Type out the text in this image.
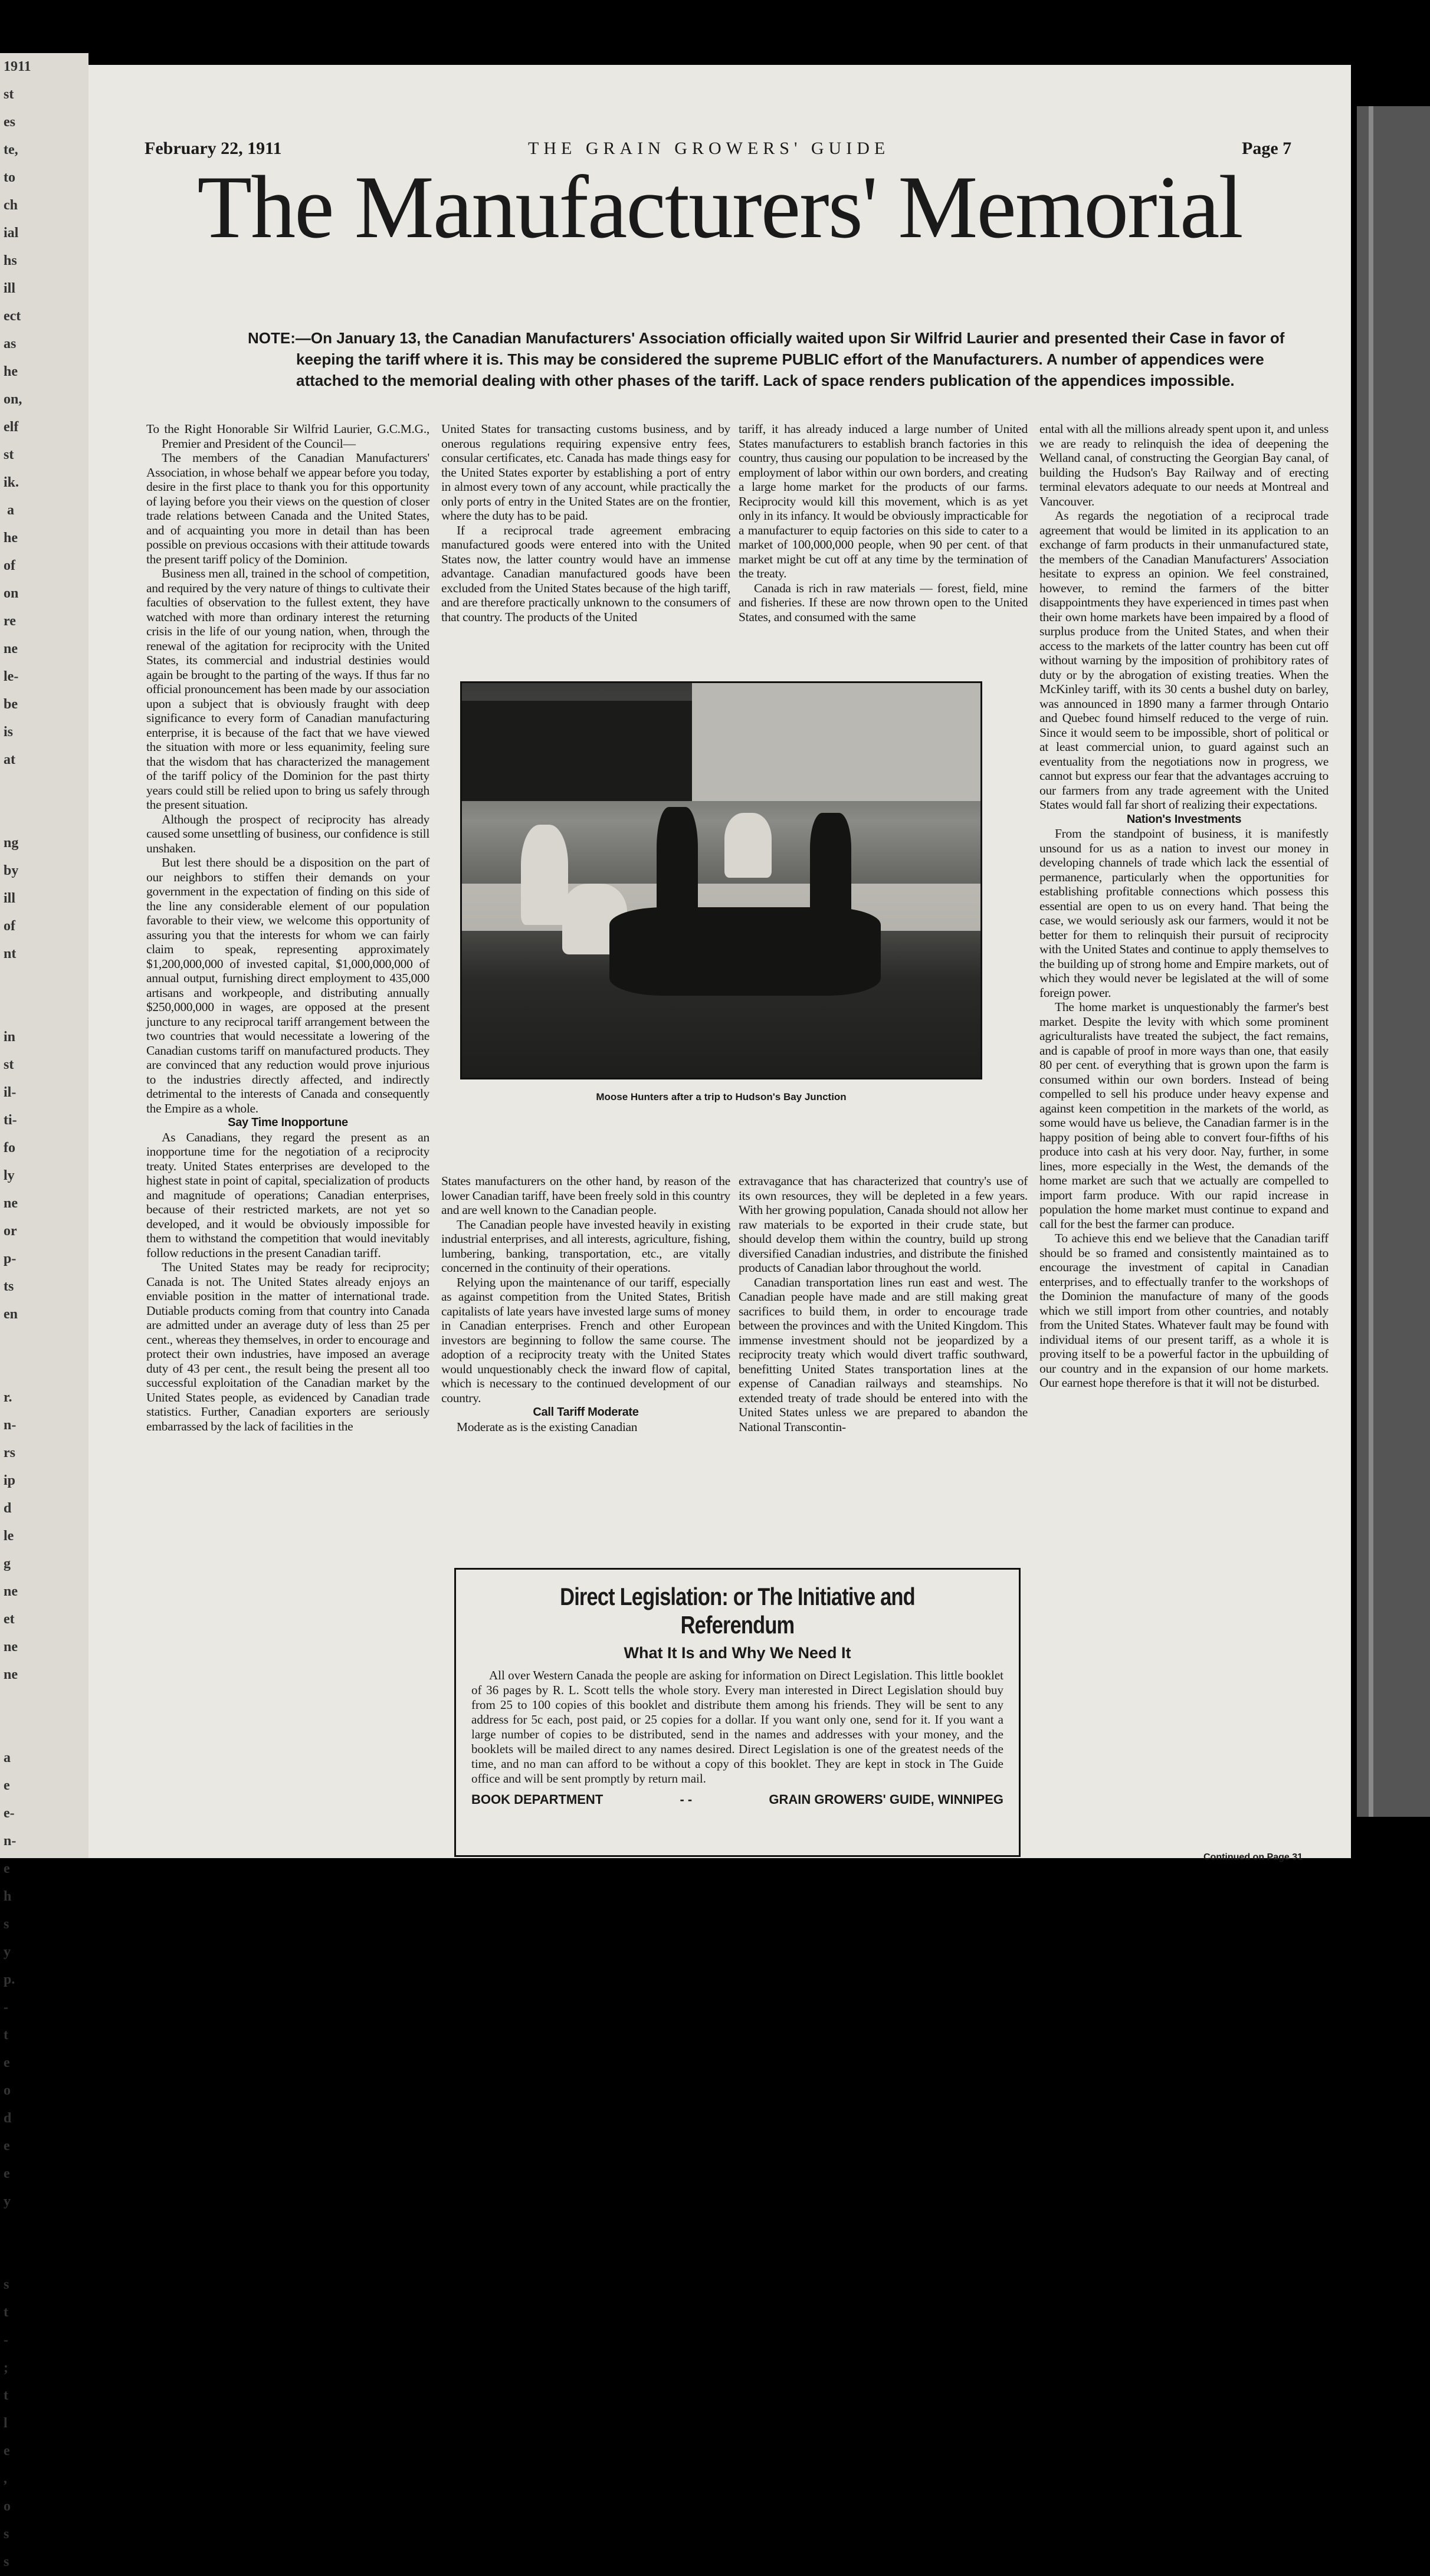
1911
st
es
te,
to
ch
ial
hs
ill
ect
as
he
on,
elf
st
ik.
a
he
of
on
re
ne
le-
be
is
at

ng
by
ill
of
nt

in
st
il-
ti-
fo
ly
ne
or
p-
ts
en

r.
n-
rs
ip
d
le
g
ne
et
ne
ne

a
e
e-
n-
e
h
s
y
p.
-
t
e
o
d
e
e
y

s
t
-
;
t
l
e
,
o
s
s
February 22, 1911	THE GRAIN GROWERS' GUIDE	Page 7
The Manufacturers' Memorial
NOTE:—On January 13, the Canadian Manufacturers' Association officially waited upon Sir Wilfrid Laurier and presented their Case in favor of keeping the tariff where it is. This may be considered the supreme PUBLIC effort of the Manufacturers. A number of appendices were attached to the memorial dealing with other phases of the tariff. Lack of space renders publication of the appendices impossible.

To the Right Honorable Sir Wilfrid Laurier, G.C.M.G., Premier and President of the Council—

The members of the Canadian Manufacturers' Association, in whose behalf we appear before you today, desire in the first place to thank you for this opportunity of laying before you their views on the question of closer trade relations between Canada and the United States, and of acquainting you more in detail than has been possible on previous occasions with their attitude towards the present tariff policy of the Dominion.

Business men all, trained in the school of competition, and required by the very nature of things to cultivate their faculties of observation to the fullest extent, they have watched with more than ordinary interest the returning crisis in the life of our young nation, when, through the renewal of the agitation for reciprocity with the United States, its commercial and industrial destinies would again be brought to the parting of the ways. If thus far no official pronouncement has been made by our association upon a subject that is obviously fraught with deep significance to every form of Canadian manufacturing enterprise, it is because of the fact that we have viewed the situation with more or less equanimity, feeling sure that the wisdom that has characterized the management of the tariff policy of the Dominion for the past thirty years could still be relied upon to bring us safely through the present situation.

Although the prospect of reciprocity has already caused some unsettling of business, our confidence is still unshaken.

But lest there should be a disposition on the part of our neighbors to stiffen their demands on your government in the expectation of finding on this side of the line any considerable element of our population favorable to their view, we welcome this opportunity of assuring you that the interests for whom we can fairly claim to speak, representing approximately $1,200,000,000 of invested capital, $1,000,000,000 of annual output, furnishing direct employment to 435,000 artisans and workpeople, and distributing annually $250,000,000 in wages, are opposed at the present juncture to any reciprocal tariff arrangement between the two countries that would necessitate a lowering of the Canadian customs tariff on manufactured products. They are convinced that any reduction would prove injurious to the industries directly affected, and indirectly detrimental to the interests of Canada and consequently the Empire as a whole.

Say Time Inopportune

As Canadians, they regard the present as an inopportune time for the negotiation of a reciprocity treaty. United States enterprises are developed to the highest state in point of capital, specialization of products and magnitude of operations; Canadian enterprises, because of their restricted markets, are not yet so developed, and it would be obviously impossible for them to withstand the competition that would inevitably follow reductions in the present Canadian tariff.

The United States may be ready for reciprocity; Canada is not. The United States already enjoys an enviable position in the matter of international trade. Dutiable products coming from that country into Canada are admitted under an average duty of less than 25 per cent., whereas they themselves, in order to encourage and protect their own industries, have imposed an average duty of 43 per cent., the result being the present all too successful exploitation of the Canadian market by the United States people, as evidenced by Canadian trade statistics. Further, Canadian exporters are seriously embarrassed by the lack of facilities in the

United States for transacting customs business, and by onerous regulations requiring expensive entry fees, consular certificates, etc. Canada has made things easy for the United States exporter by establishing a port of entry in almost every town of any account, while practically the only ports of entry in the United States are on the frontier, where the duty has to be paid.

If a reciprocal trade agreement embracing manufactured goods were entered into with the United States now, the latter country would have an immense advantage. Canadian manufactured goods have been excluded from the United States because of the high tariff, and are therefore practically unknown to the consumers of that country. The products of the United

tariff, it has already induced a large number of United States manufacturers to establish branch factories in this country, thus causing our population to be increased by the employment of labor within our own borders, and creating a large home market for the products of our farms. Reciprocity would kill this movement, which is as yet only in its infancy. It would be obviously impracticable for a manufacturer to equip factories on this side to cater to a market of 100,000,000 people, when 90 per cent. of that market might be cut off at any time by the termination of the treaty.

Canada is rich in raw materials — forest, field, mine and fisheries. If these are now thrown open to the United States, and consumed with the same

ental with all the millions already spent upon it, and unless we are ready to relinquish the idea of deepening the Welland canal, of constructing the Georgian Bay canal, of building the Hudson's Bay Railway and of erecting terminal elevators adequate to our needs at Montreal and Vancouver.

As regards the negotiation of a reciprocal trade agreement that would be limited in its application to an exchange of farm products in their unmanufactured state, the members of the Canadian Manufacturers' Association hesitate to express an opinion. We feel constrained, however, to remind the farmers of the bitter disappointments they have experienced in times past when their own home markets have been impaired by a flood of surplus produce from the United States, and when their access to the markets of the latter country has been cut off without warning by the imposition of prohibitory rates of duty or by the abrogation of existing treaties. When the McKinley tariff, with its 30 cents a bushel duty on barley, was announced in 1890 many a farmer through Ontario and Quebec found himself reduced to the verge of ruin. Since it would seem to be impossible, short of political or at least commercial union, to guard against such an eventuality from the negotiations now in progress, we cannot but express our fear that the advantages accruing to our farmers from any trade agreement with the United States would fall far short of realizing their expectations.

Nation's Investments

From the standpoint of business, it is manifestly unsound for us as a nation to invest our money in developing channels of trade which lack the essential of permanence, particularly when the opportunities for establishing profitable connections which possess this essential are open to us on every hand. That being the case, we would seriously ask our farmers, would it not be better for them to relinquish their pursuit of reciprocity with the United States and continue to apply themselves to the building up of strong home and Empire markets, out of which they would never be legislated at the will of some foreign power.

The home market is unquestionably the farmer's best market. Despite the levity with which some prominent agriculturalists have treated the subject, the fact remains, and is capable of proof in more ways than one, that easily 80 per cent. of everything that is grown upon the farm is consumed within our own borders. Instead of being compelled to sell his produce under heavy expense and against keen competition in the markets of the world, as some would have us believe, the Canadian farmer is in the happy position of being able to convert four-fifths of his produce into cash at his very door. Nay, further, in some lines, more especially in the West, the demands of the home market are such that we actually are compelled to import farm produce. With our rapid increase in population the home market must continue to expand and call for the best the farmer can produce.

To achieve this end we believe that the Canadian tariff should be so framed and consistently maintained as to encourage the investment of capital in Canadian enterprises, and to effectually tranfer to the workshops of the Dominion the manufacture of many of the goods which we still import from other countries, and notably from the United States. Whatever fault may be found with individual items of our present tariff, as a whole it is proving itself to be a powerful factor in the upbuilding of our country and in the expansion of our home markets. Our earnest hope therefore is that it will not be disturbed.

Moose Hunters after a trip to Hudson's Bay Junction

States manufacturers on the other hand, by reason of the lower Canadian tariff, have been freely sold in this country and are well known to the Canadian people.

The Canadian people have invested heavily in existing industrial enterprises, and all interests, agriculture, fishing, lumbering, banking, transportation, etc., are vitally concerned in the continuity of their operations.

Relying upon the maintenance of our tariff, especially as against competition from the United States, British capitalists of late years have invested large sums of money in Canadian enterprises. French and other European investors are beginning to follow the same course. The adoption of a reciprocity treaty with the United States would unquestionably check the inward flow of capital, which is necessary to the continued development of our country.

Call Tariff Moderate

Moderate as is the existing Canadian

extravagance that has characterized that country's use of its own resources, they will be depleted in a few years. With her growing population, Canada should not allow her raw materials to be exported in their crude state, but should develop them within the country, build up strong diversified Canadian industries, and distribute the finished products of Canadian labor throughout the world.

Canadian transportation lines run east and west. The Canadian people have made and are still making great sacrifices to build them, in order to encourage trade between the provinces and with the United Kingdom. This immense investment should not be jeopardized by a reciprocity treaty which would divert traffic southward, benefitting United States transportation lines at the expense of Canadian railways and steamships. No extended treaty of trade should be entered into with the United States unless we are prepared to abandon the National Transcontin-

Direct Legislation: or The Initiative and Referendum
What It Is and Why We Need It
All over Western Canada the people are asking for information on Direct Legislation. This little booklet of 36 pages by R. L. Scott tells the whole story. Every man interested in Direct Legislation should buy from 25 to 100 copies of this booklet and distribute them among his friends. They will be sent to any address for 5c each, post paid, or 25 copies for a dollar. If you want only one, send for it. If you want a large number of copies to be distributed, send in the names and addresses with your money, and the booklets will be mailed direct to any names desired. Direct Legislation is one of the greatest needs of the time, and no man can afford to be without a copy of this booklet. They are kept in stock in The Guide office and will be sent promptly by return mail.
BOOK DEPARTMENT	- -	GRAIN GROWERS' GUIDE, WINNIPEG
Continued on Page 31
